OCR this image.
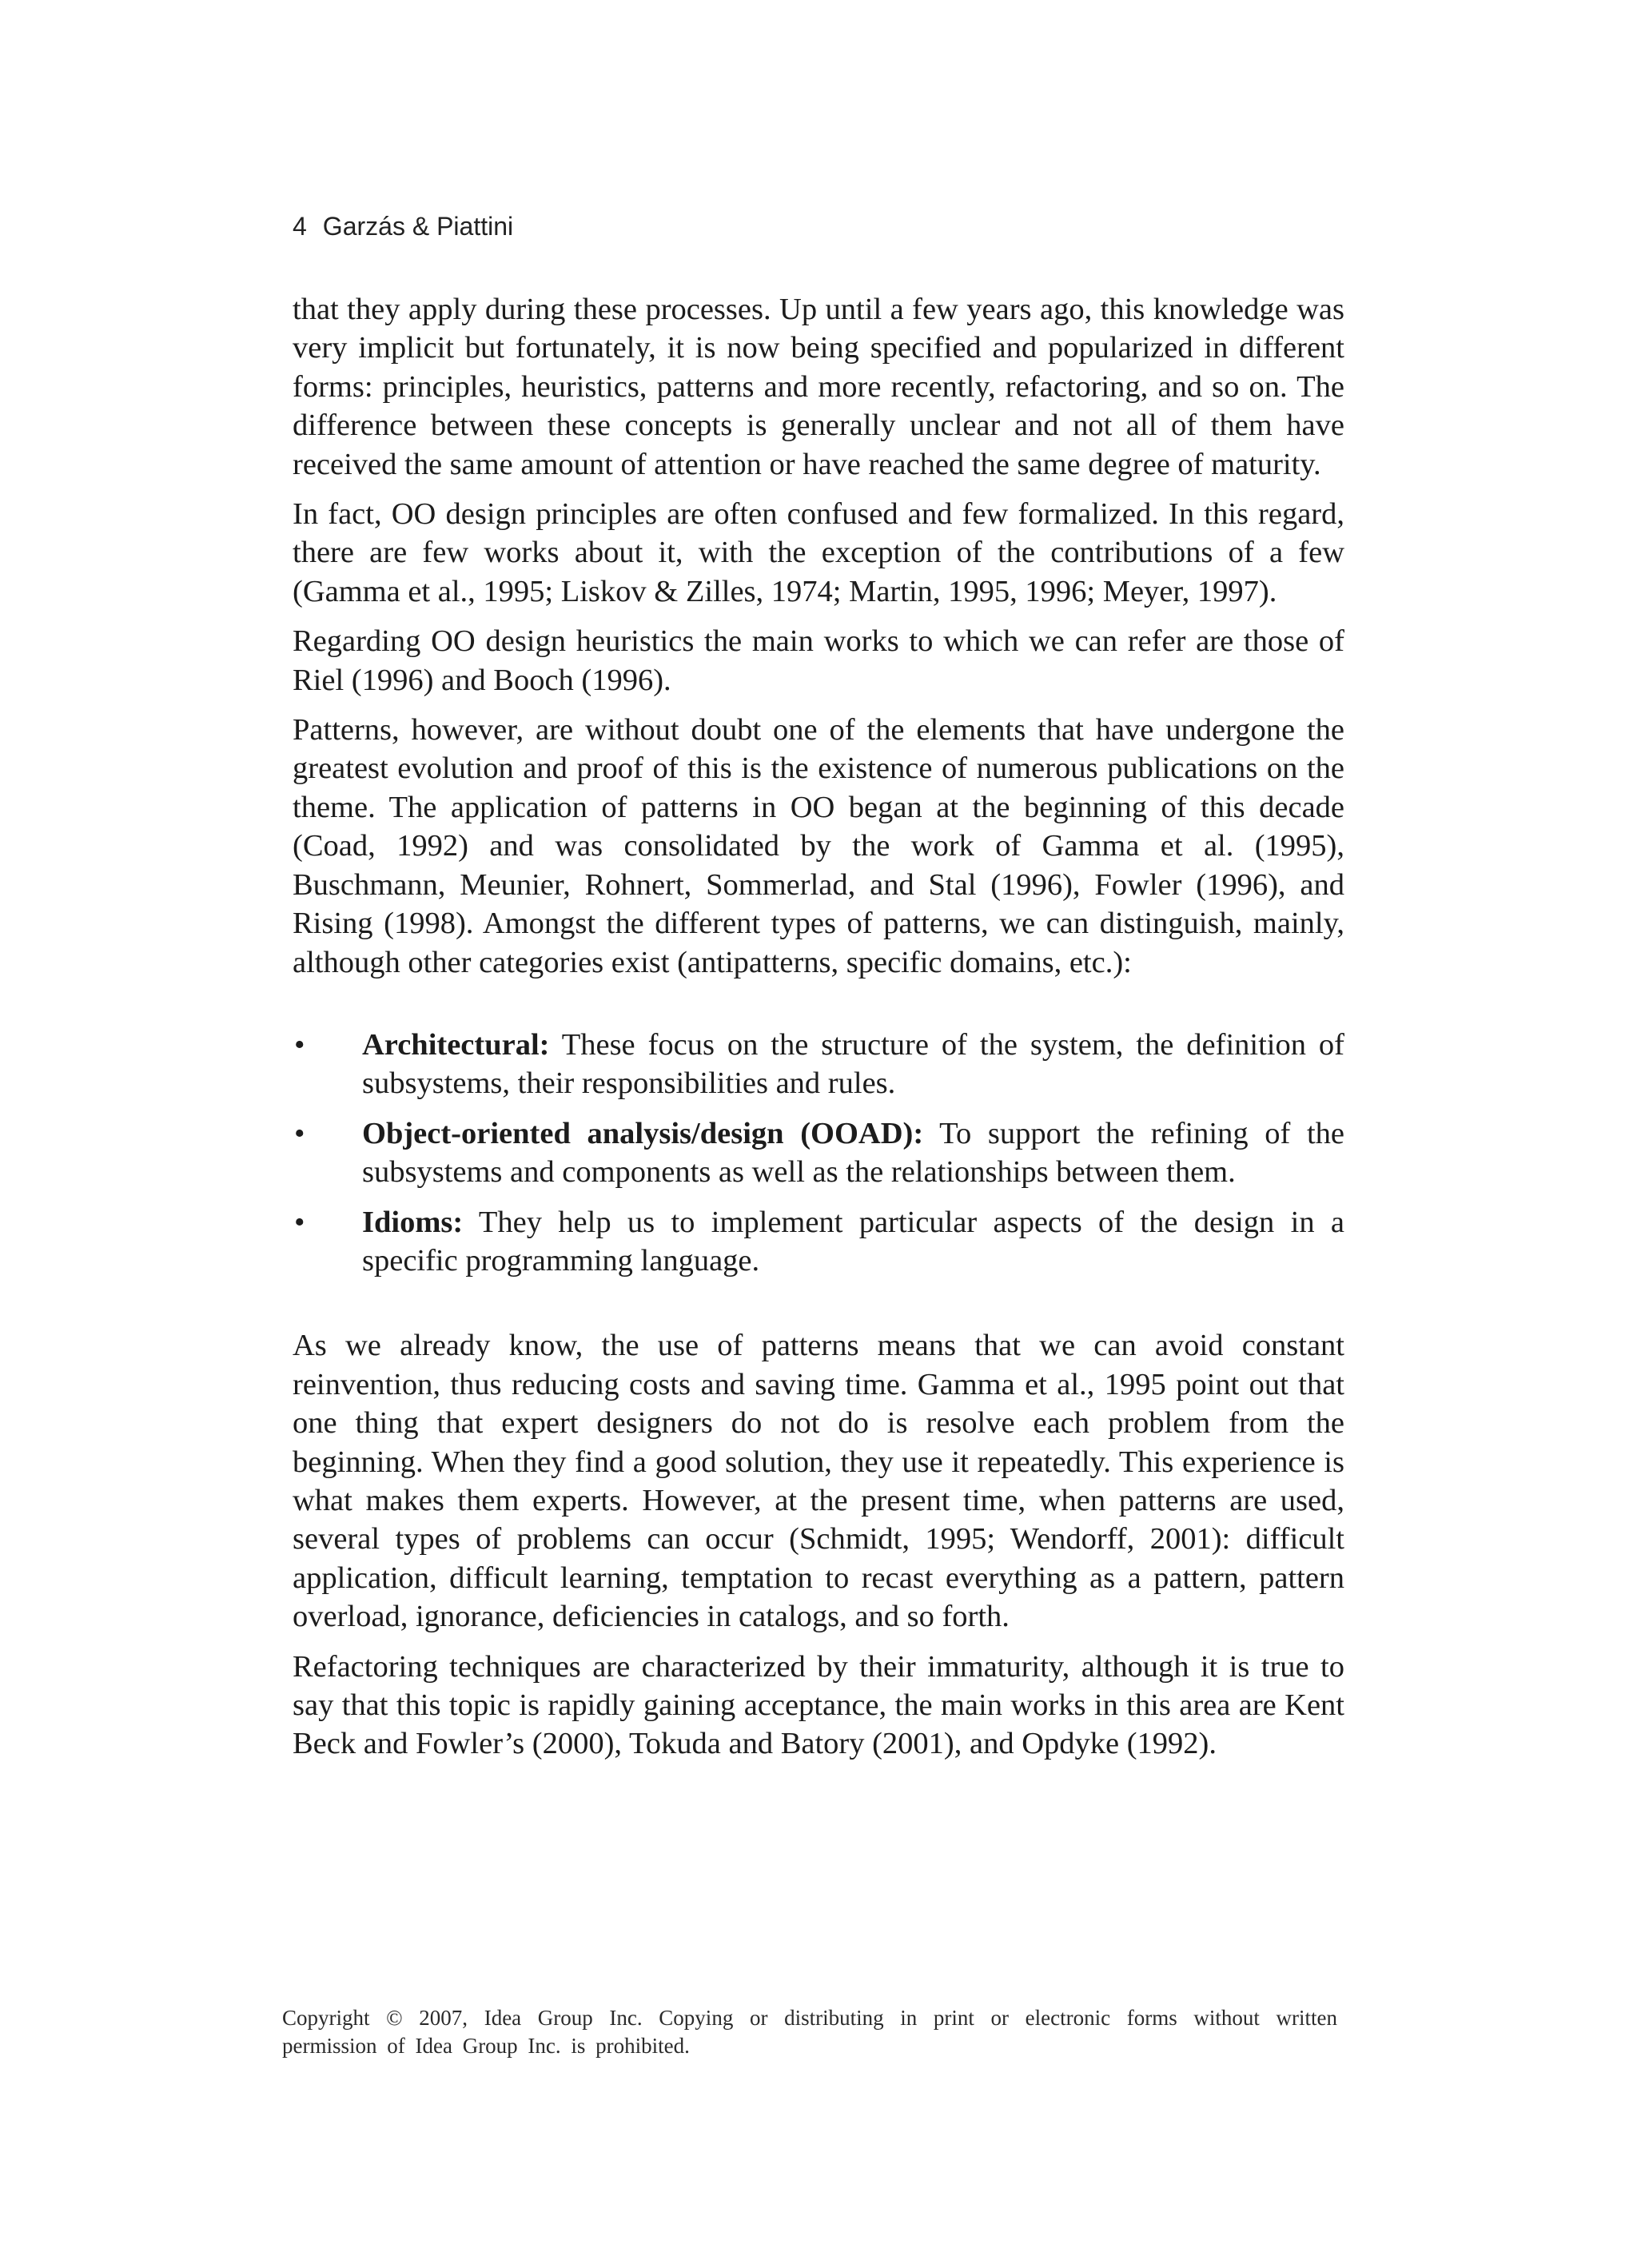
4 Garzás & Piattini

that they apply during these processes. Up until a few years ago, this knowledge was very implicit but fortunately, it is now being specified and popularized in different forms: principles, heuristics, patterns and more recently, refactoring, and so on. The difference between these concepts is generally unclear and not all of them have received the same amount of attention or have reached the same degree of maturity.

In fact, OO design principles are often confused and few formalized. In this regard, there are few works about it, with the exception of the contributions of a few (Gamma et al., 1995; Liskov & Zilles, 1974; Martin, 1995, 1996; Meyer, 1997).

Regarding OO design heuristics the main works to which we can refer are those of Riel (1996) and Booch (1996).

Patterns, however, are without doubt one of the elements that have undergone the greatest evolution and proof of this is the existence of numerous publications on the theme. The application of patterns in OO began at the beginning of this decade (Coad, 1992) and was consolidated by the work of Gamma et al. (1995), Buschmann, Meunier, Rohnert, Sommerlad, and Stal (1996), Fowler (1996), and Rising (1998). Amongst the different types of patterns, we can distinguish, mainly, although other categories exist (antipatterns, specific domains, etc.):

• Architectural: These focus on the structure of the system, the definition of subsystems, their responsibilities and rules.
• Object-oriented analysis/design (OOAD): To support the refining of the subsystems and components as well as the relationships between them.
• Idioms: They help us to implement particular aspects of the design in a specific programming language.

As we already know, the use of patterns means that we can avoid constant reinvention, thus reducing costs and saving time. Gamma et al., 1995 point out that one thing that expert designers do not do is resolve each problem from the beginning. When they find a good solution, they use it repeatedly. This experience is what makes them experts. However, at the present time, when patterns are used, several types of problems can occur (Schmidt, 1995; Wendorff, 2001): difficult application, difficult learning, temptation to recast everything as a pattern, pattern overload, ignorance, deficiencies in catalogs, and so forth.

Refactoring techniques are characterized by their immaturity, although it is true to say that this topic is rapidly gaining acceptance, the main works in this area are Kent Beck and Fowler’s (2000), Tokuda and Batory (2001), and Opdyke (1992).

Copyright © 2007, Idea Group Inc. Copying or distributing in print or electronic forms without written permission of Idea Group Inc. is prohibited.
